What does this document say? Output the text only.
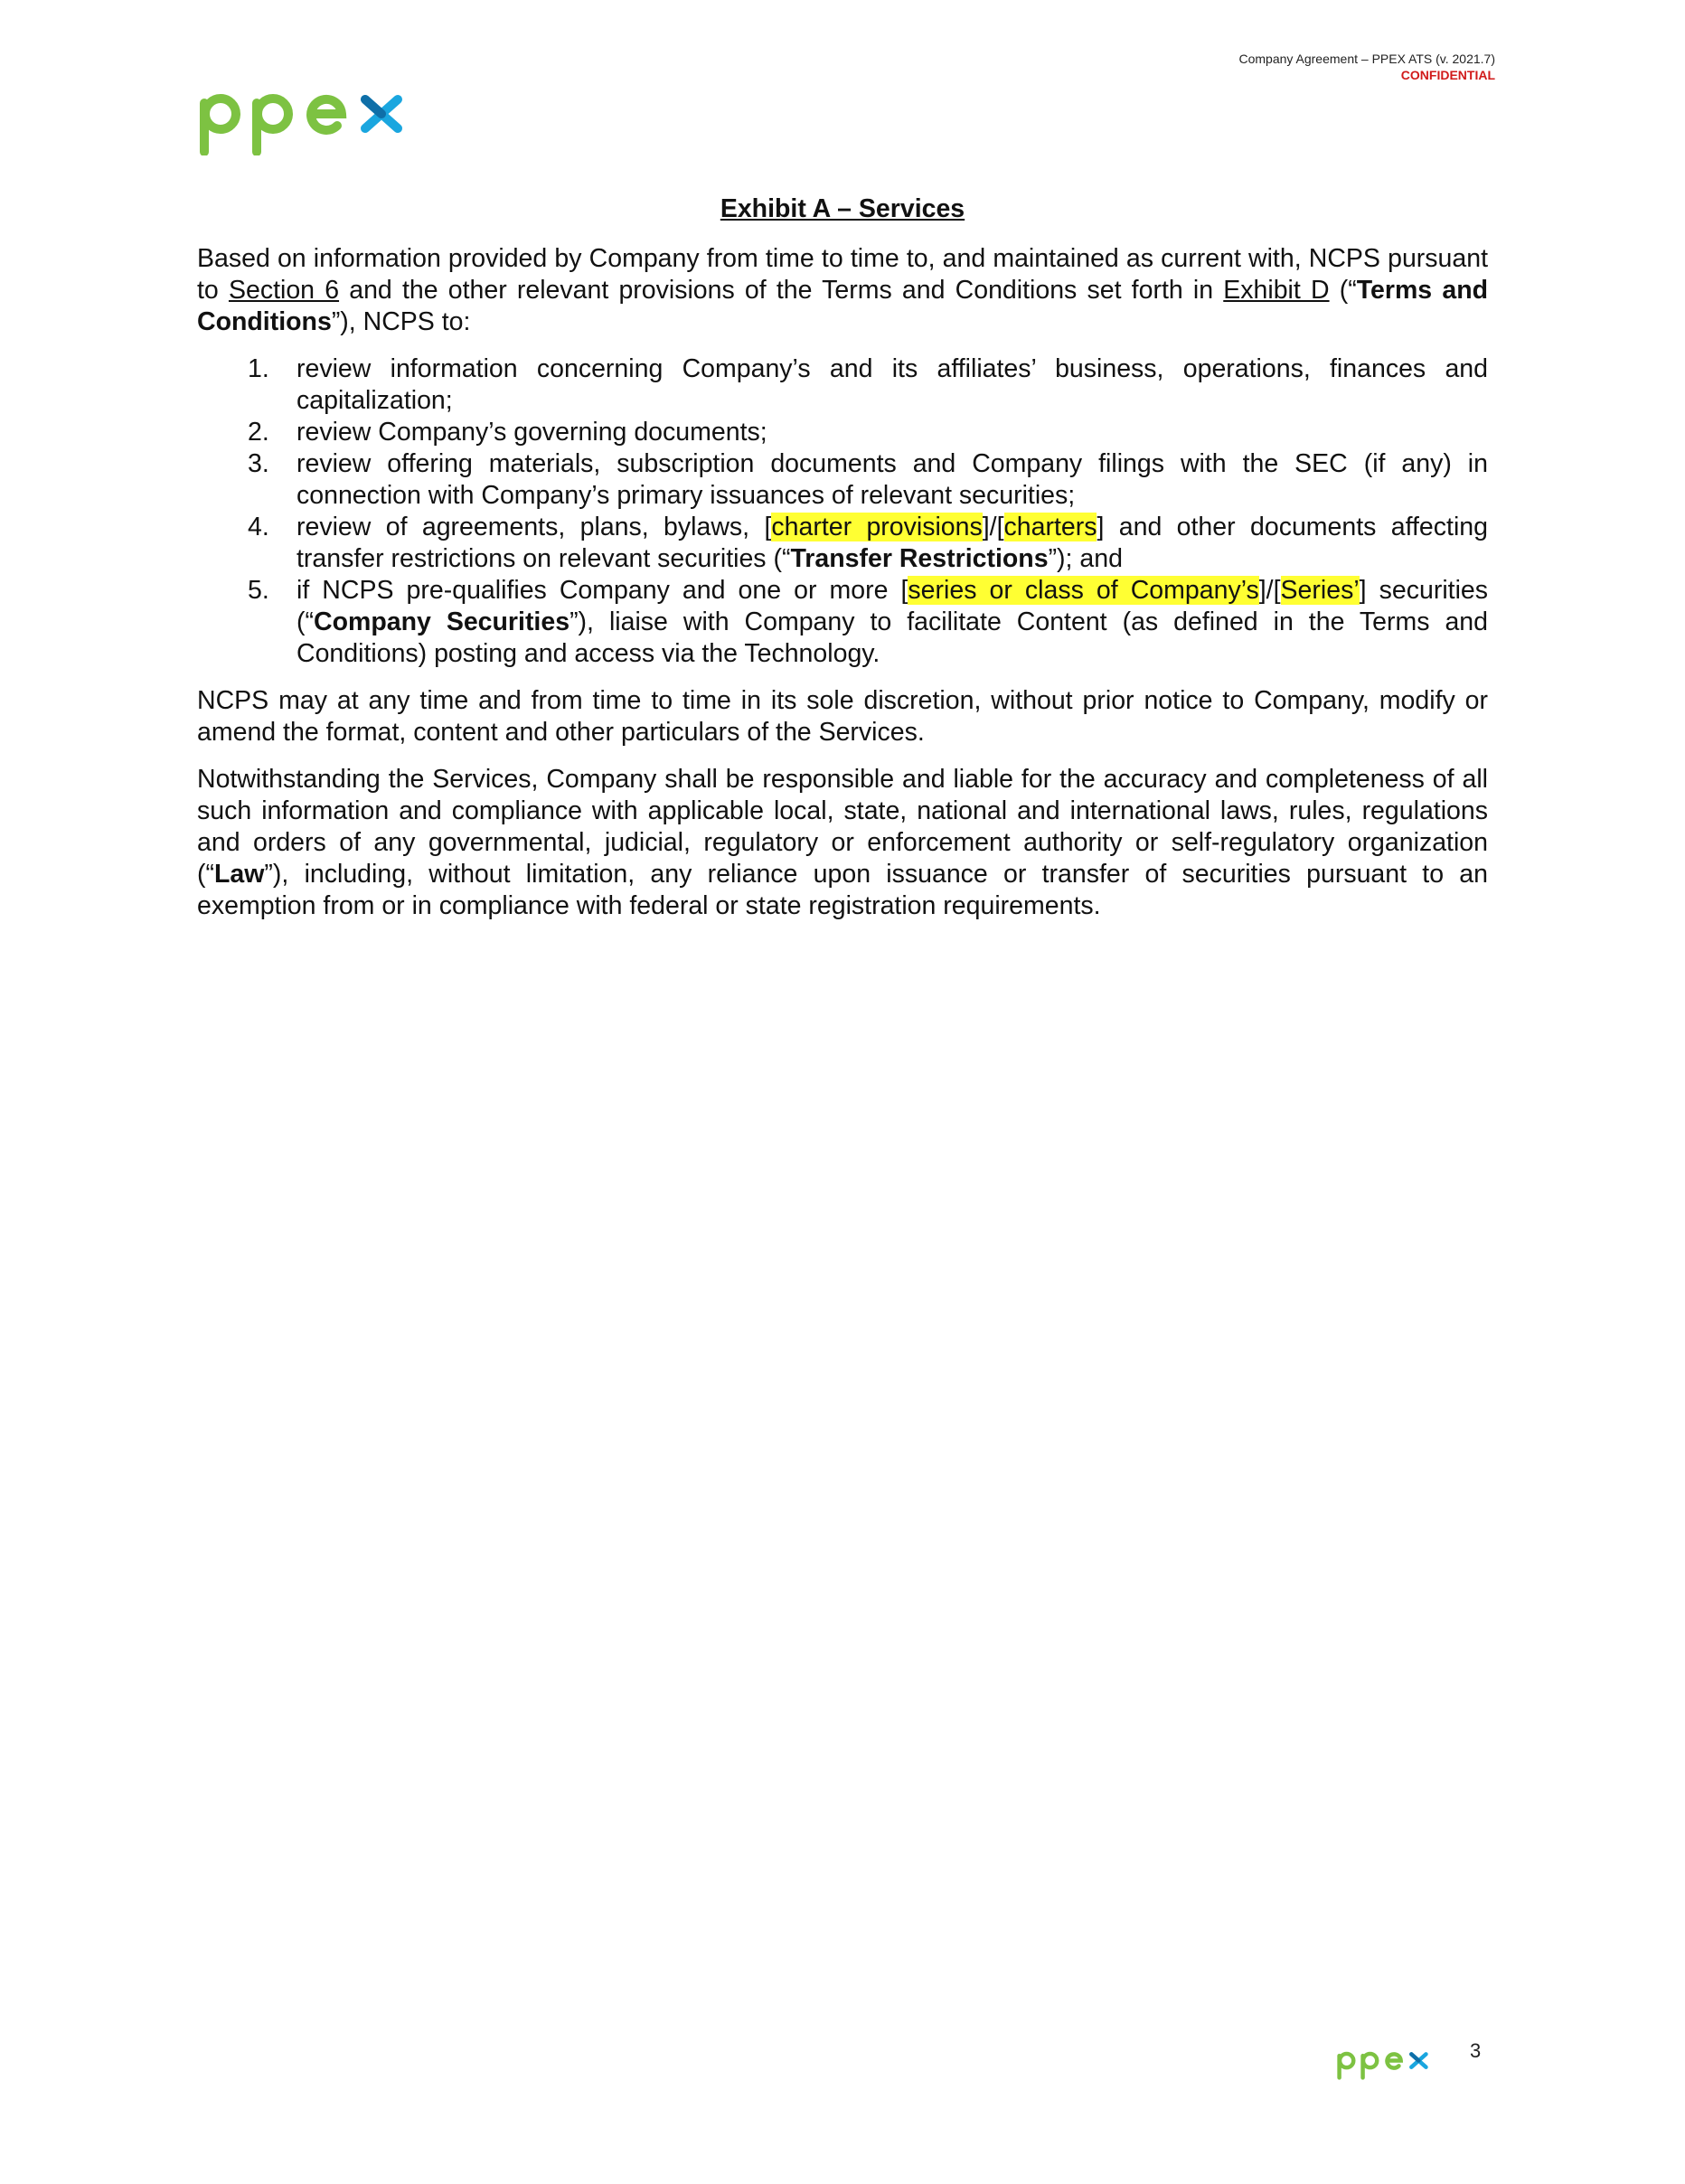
Company Agreement – PPEX ATS (v. 2021.7)
CONFIDENTIAL
Exhibit A – Services

Based on information provided by Company from time to time to, and maintained as current with, NCPS pursuant to Section 6 and the other relevant provisions of the Terms and Conditions set forth in Exhibit D (“Terms and Conditions”), NCPS to:

1. review information concerning Company’s and its affiliates’ business, operations, finances and capitalization;
2. review Company’s governing documents;
3. review offering materials, subscription documents and Company filings with the SEC (if any) in connection with Company’s primary issuances of relevant securities;
4. review of agreements, plans, bylaws, [charter provisions]/[charters] and other documents affecting transfer restrictions on relevant securities (“Transfer Restrictions”); and
5. if NCPS pre-qualifies Company and one or more [series or class of Company’s]/[Series’] securities (“Company Securities”), liaise with Company to facilitate Content (as defined in the Terms and Conditions) posting and access via the Technology.

NCPS may at any time and from time to time in its sole discretion, without prior notice to Company, modify or amend the format, content and other particulars of the Services.

Notwithstanding the Services, Company shall be responsible and liable for the accuracy and completeness of all such information and compliance with applicable local, state, national and international laws, rules, regulations and orders of any governmental, judicial, regulatory or enforcement authority or self-regulatory organization (“Law”), including, without limitation, any reliance upon issuance or transfer of securities pursuant to an exemption from or in compliance with federal or state registration requirements.

3
